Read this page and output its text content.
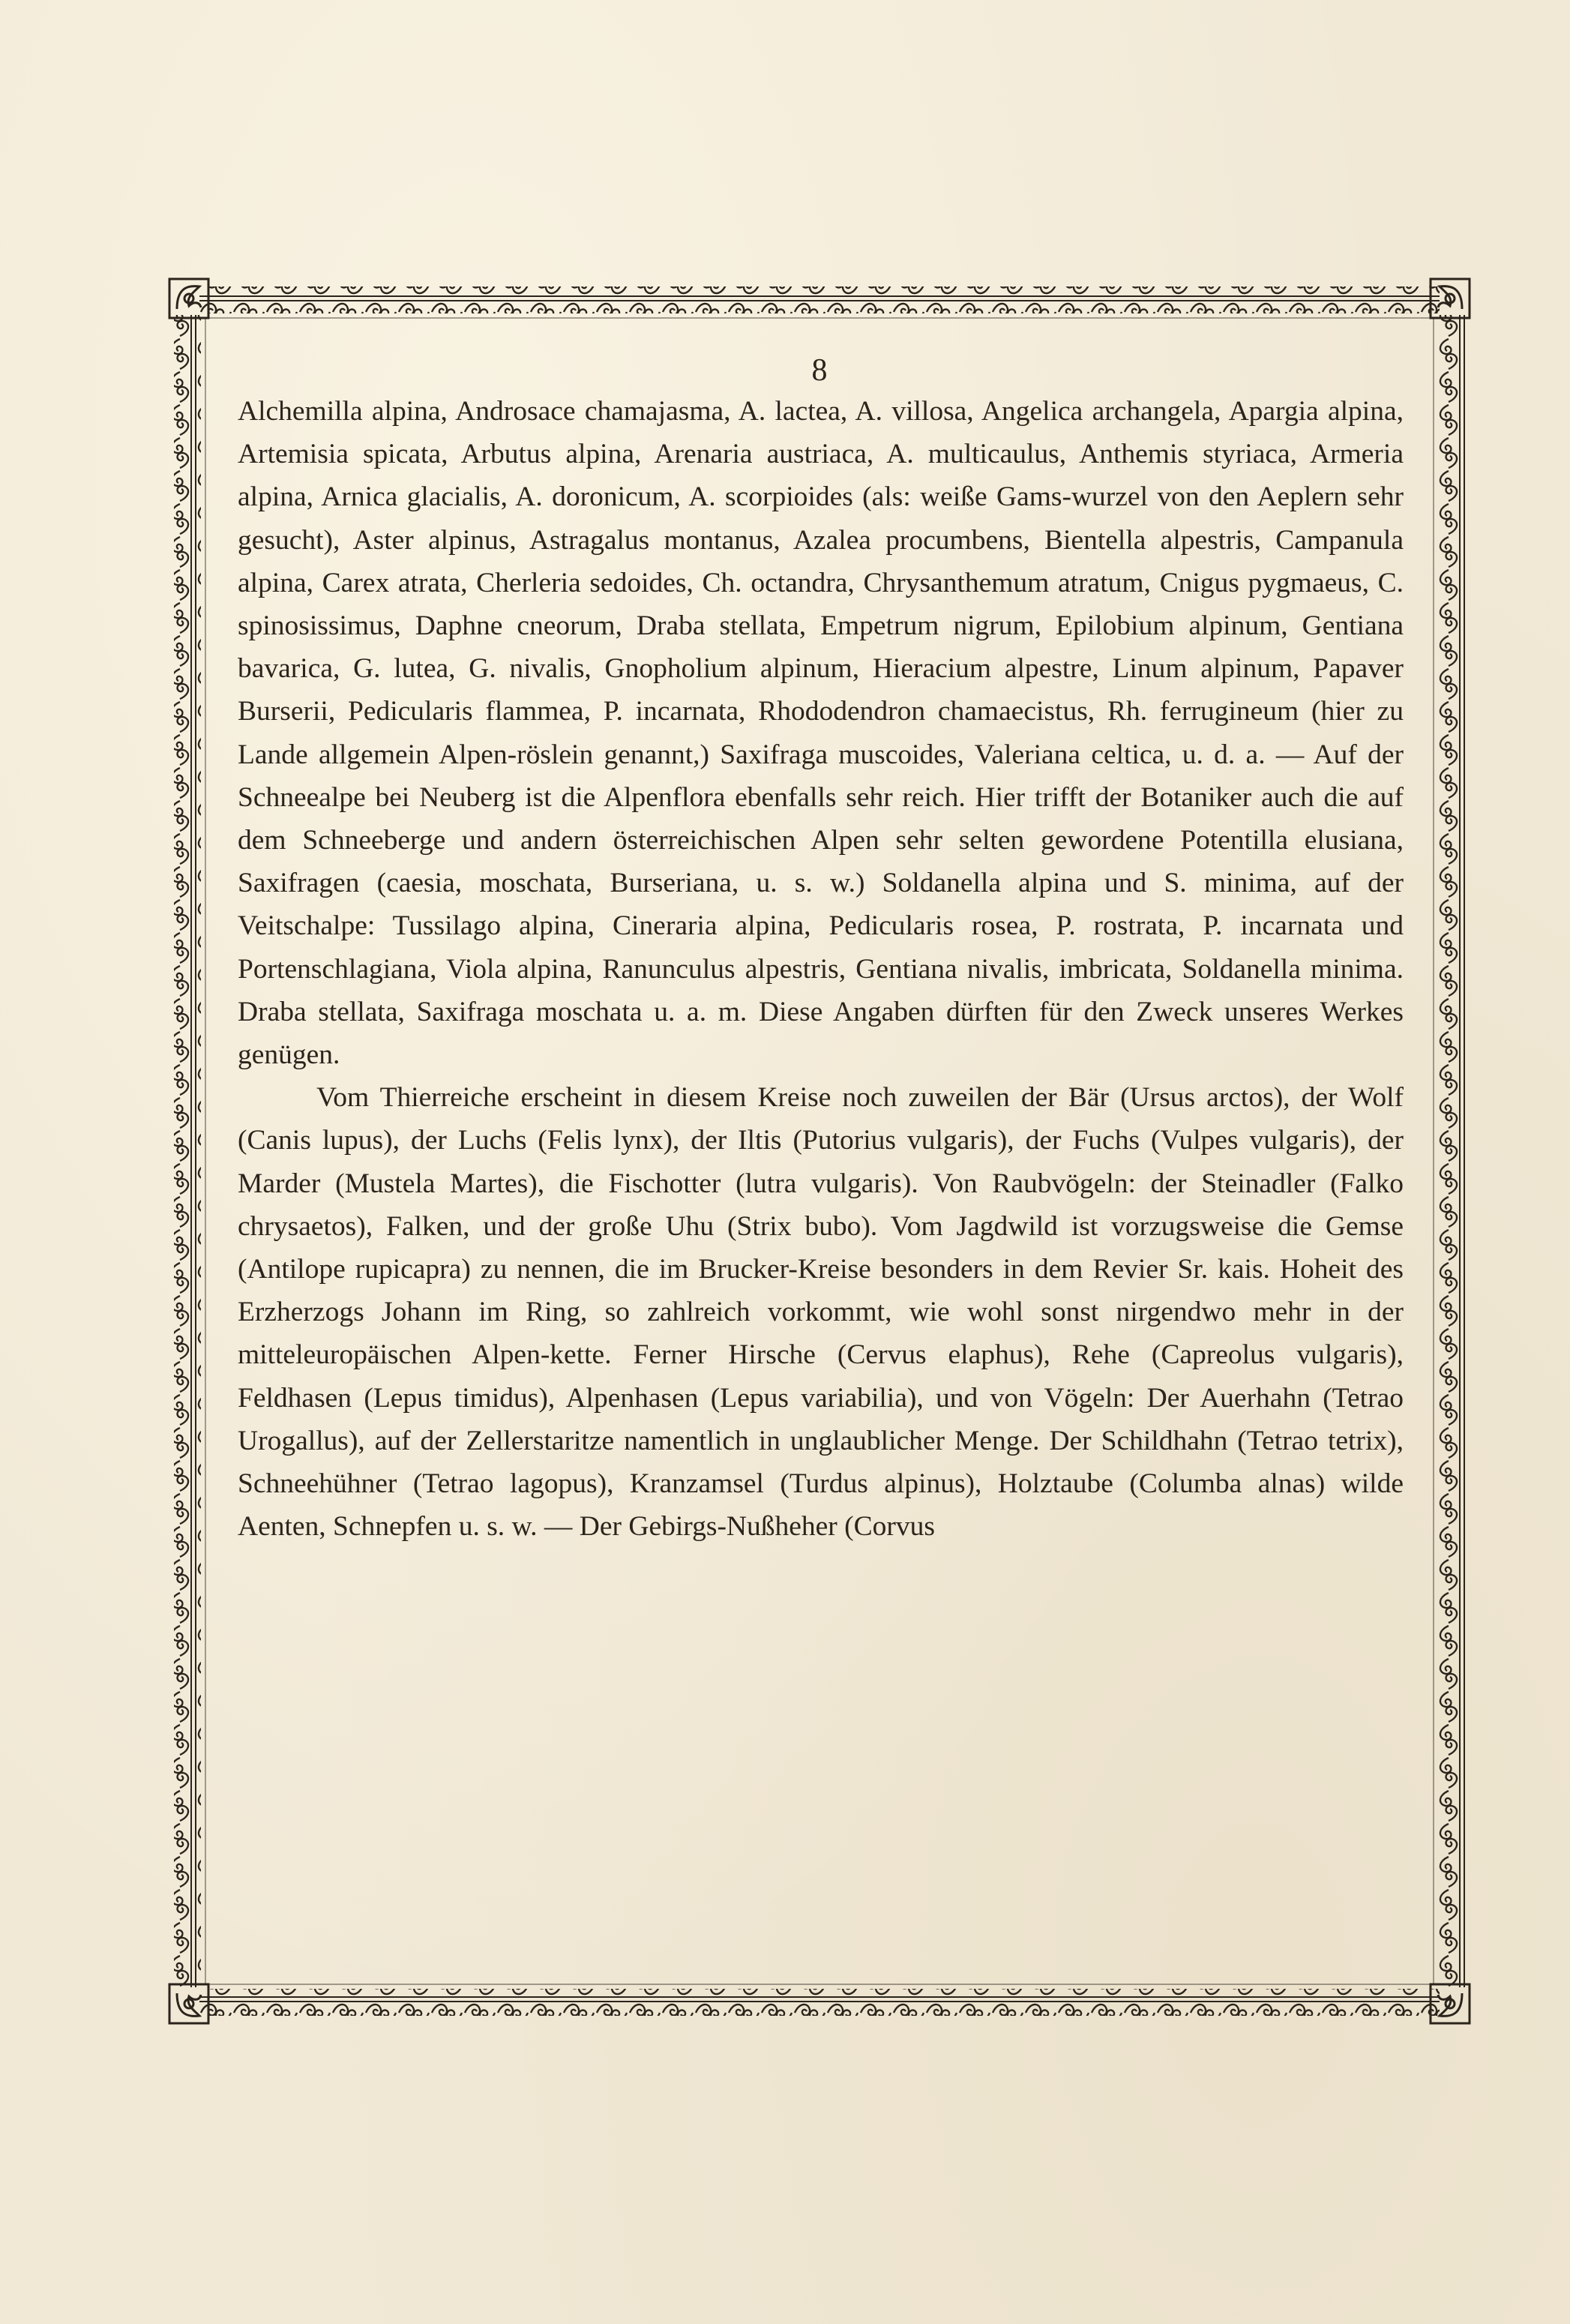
8

Alchemilla alpina, Androsace chamajasma, A. lactea, A. villosa, Angelica archangela, Apargia alpina, Artemisia spicata, Arbutus alpina, Arenaria austriaca, A. multicaulus, Anthemis styriaca, Armeria alpina, Arnica glacialis, A. doronicum, A. scorpioides (als: weiße Gams-wurzel von den Aeplern sehr gesucht), Aster alpinus, Astragalus montanus, Azalea procumbens, Bientella alpestris, Campanula alpina, Carex atrata, Cherleria sedoides, Ch. octandra, Chrysanthemum atratum, Cnigus pygmaeus, C. spinosissimus, Daphne cneorum, Draba stellata, Empetrum nigrum, Epilobium alpinum, Gentiana bavarica, G. lutea, G. nivalis, Gnopholium alpinum, Hieracium alpestre, Linum alpinum, Papaver Burserii, Pedicularis flammea, P. incarnata, Rhododendron chamaecistus, Rh. ferrugineum (hier zu Lande allgemein Alpen-röslein genannt,) Saxifraga muscoides, Valeriana celtica, u. d. a. — Auf der Schneealpe bei Neuberg ist die Alpenflora ebenfalls sehr reich. Hier trifft der Botaniker auch die auf dem Schneeberge und andern österreichischen Alpen sehr selten gewordene Potentilla elusiana, Saxifragen (caesia, moschata, Burseriana, u. s. w.) Soldanella alpina und S. minima, auf der Veitschalpe: Tussilago alpina, Cineraria alpina, Pedicularis rosea, P. rostrata, P. incarnata und Portenschlagiana, Viola alpina, Ranunculus alpestris, Gentiana nivalis, imbricata, Soldanella minima. Draba stellata, Saxifraga moschata u. a. m. Diese Angaben dürften für den Zweck unseres Werkes genügen.

Vom Thierreiche erscheint in diesem Kreise noch zuweilen der Bär (Ursus arctos), der Wolf (Canis lupus), der Luchs (Felis lynx), der Iltis (Putorius vulgaris), der Fuchs (Vulpes vulgaris), der Marder (Mustela Martes), die Fischotter (lutra vulgaris). Von Raubvögeln: der Steinadler (Falko chrysaetos), Falken, und der große Uhu (Strix bubo). Vom Jagdwild ist vorzugsweise die Gemse (Antilope rupicapra) zu nennen, die im Brucker-Kreise besonders in dem Revier Sr. kais. Hoheit des Erzherzogs Johann im Ring, so zahlreich vorkommt, wie wohl sonst nirgendwo mehr in der mitteleuropäischen Alpen-kette. Ferner Hirsche (Cervus elaphus), Rehe (Capreolus vulgaris), Feldhasen (Lepus timidus), Alpenhasen (Lepus variabilia), und von Vögeln: Der Auerhahn (Tetrao Urogallus), auf der Zellerstaritze namentlich in unglaublicher Menge. Der Schildhahn (Tetrao tetrix), Schneehühner (Tetrao lagopus), Kranzamsel (Turdus alpinus), Holztaube (Columba alnas) wilde Aenten, Schnepfen u. s. w. — Der Gebirgs-Nußheher (Corvus
